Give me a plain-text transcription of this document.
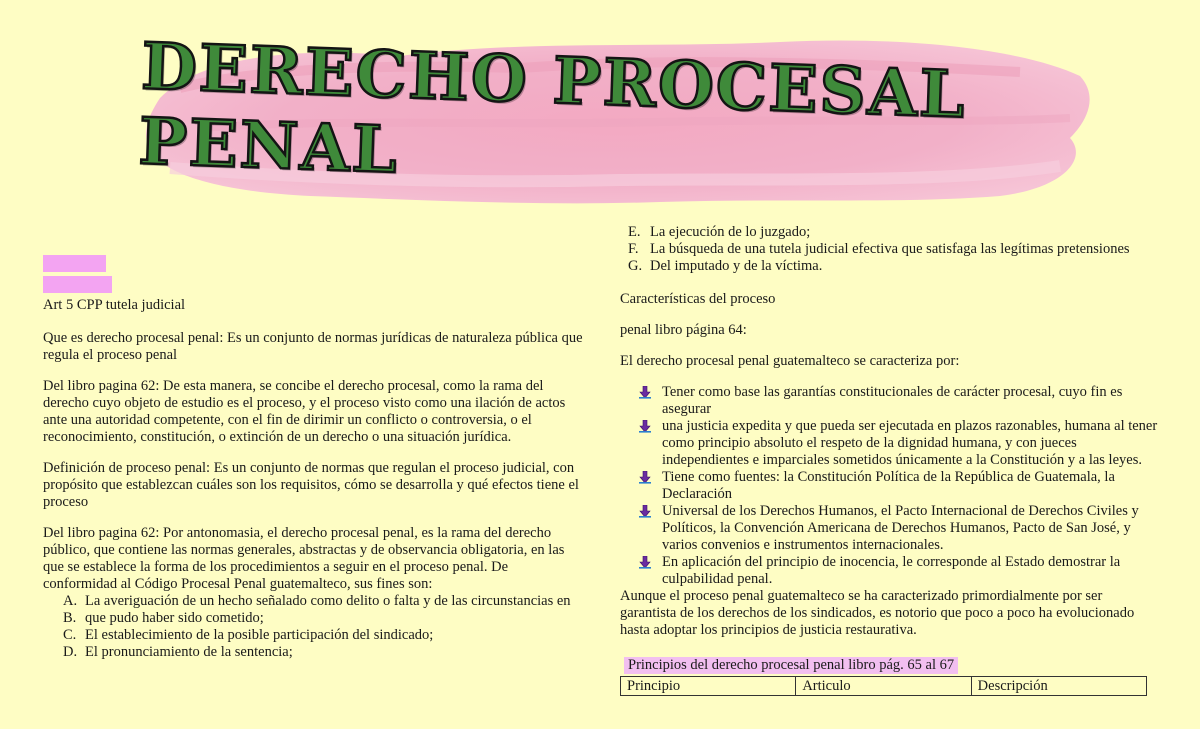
DERECHO PROCESAL PENAL
CLASE 1
11/07/2022

Art 5 CPP tutela judicial

Que es derecho procesal penal: Es un conjunto de normas jurídicas de naturaleza pública que regula el proceso penal

Del libro pagina 62: De esta manera, se concibe el derecho procesal, como la rama del derecho cuyo objeto de estudio es el proceso, y el proceso visto como una ilación de actos ante una autoridad competente, con el fin de dirimir un conflicto o controversia, o el reconocimiento, constitución, o extinción de un derecho o una situación jurídica.

Definición de proceso penal: Es un conjunto de normas que regulan el proceso judicial, con propósito que establezcan cuáles son los requisitos, cómo se desarrolla y qué efectos tiene el proceso

Del libro pagina 62: Por antonomasia, el derecho procesal penal, es la rama del derecho público, que contiene las normas generales, abstractas y de observancia obligatoria, en las que se establece la forma de los procedimientos a seguir en el proceso penal. De conformidad al Código Procesal Penal guatemalteco, sus fines son:

A. La averiguación de un hecho señalado como delito o falta y de las circunstancias en
B. que pudo haber sido cometido;
C. El establecimiento de la posible participación del sindicado;
D. El pronunciamiento de la sentencia;
E. La ejecución de lo juzgado;
F. La búsqueda de una tutela judicial efectiva que satisfaga las legítimas pretensiones
G. Del imputado y de la víctima.

Características del proceso

penal libro página 64:

El derecho procesal penal guatemalteco se caracteriza por:

Tener como base las garantías constitucionales de carácter procesal, cuyo fin es asegurar
una justicia expedita y que pueda ser ejecutada en plazos razonables, humana al tener como principio absoluto el respeto de la dignidad humana, y con jueces independientes e imparciales sometidos únicamente a la Constitución y a las leyes.
Tiene como fuentes: la Constitución Política de la República de Guatemala, la Declaración
Universal de los Derechos Humanos, el Pacto Internacional de Derechos Civiles y Políticos, la Convención Americana de Derechos Humanos, Pacto de San José, y varios convenios e instrumentos internacionales.
En aplicación del principio de inocencia, le corresponde al Estado demostrar la culpabilidad penal.

Aunque el proceso penal guatemalteco se ha caracterizado primordialmente por ser garantista de los derechos de los sindicados, es notorio que poco a poco ha evolucionado hasta adoptar los principios de justicia restaurativa.

Principios del derecho procesal penal libro pág. 65 al 67
Principio	Articulo	Descripción
